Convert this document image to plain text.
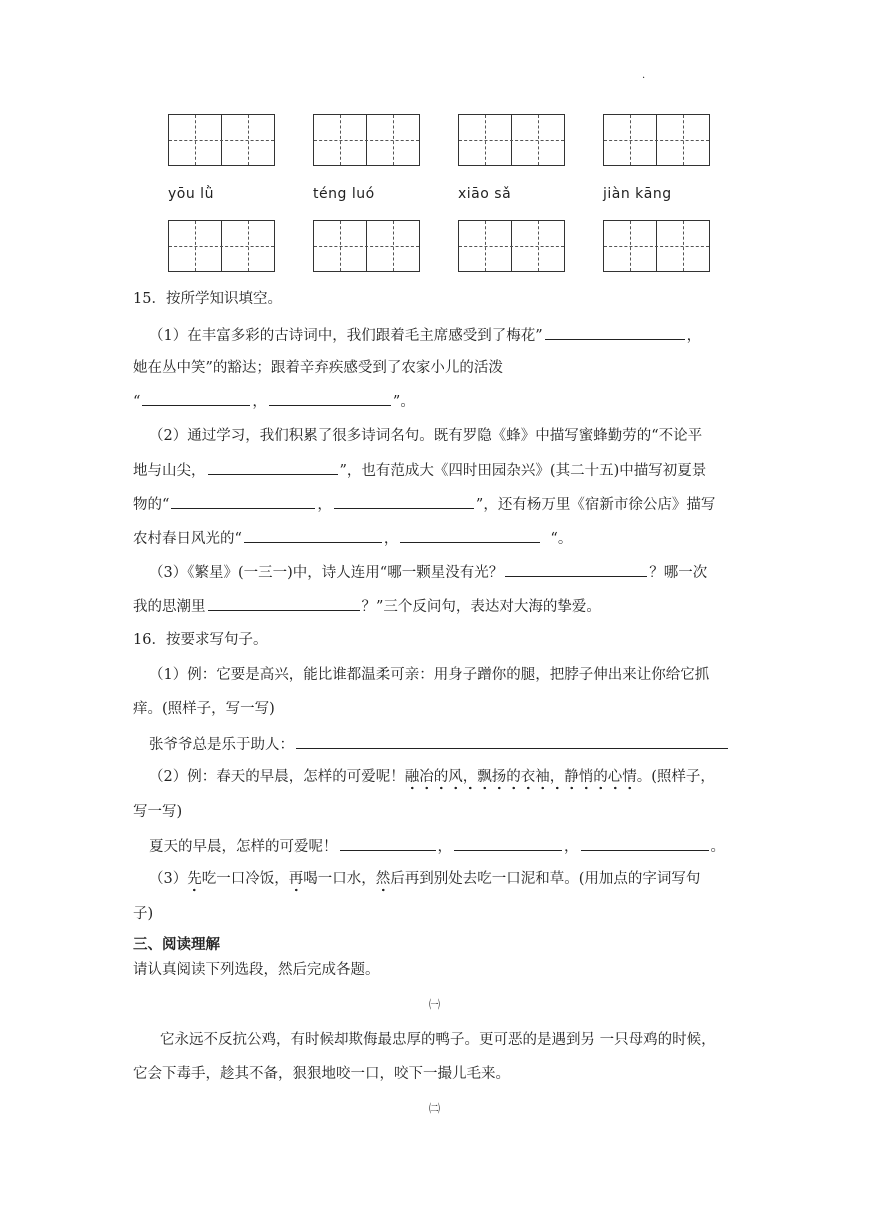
.
yōu lǜ	téng luó	xiāo sǎ	jiàn kāng
15．按所学知识填空。
（1）在丰富多彩的古诗词中，我们跟着毛主席感受到了梅花”	，
她在丛中笑”的豁达；跟着辛弃疾感受到了农家小儿的活泼
“	，	”。
（2）通过学习，我们积累了很多诗词名句。既有罗隐《蜂》中描写蜜蜂勤劳的“不论平
地与山尖，	”，也有范成大《四时田园杂兴》(其二十五)中描写初夏景
物的“	，	”，还有杨万里《宿新市徐公店》描写
农村春日风光的“	，	“。
（3）《繁星》(一三一)中，诗人连用“哪一颗星没有光？	？哪一次
我的思潮里	？”三个反问句，表达对大海的挚爱。
16．按要求写句子。
（1）例：它要是高兴，能比谁都温柔可亲：用身子蹭你的腿，把脖子伸出来让你给它抓
痒。(照样子，写一写)
张爷爷总是乐于助人：
（2）例：春天的早晨，怎样的可爱呢！融冶的风，飘扬的衣袖，静悄的心情。(照样子，
写一写)
夏天的早晨，怎样的可爱呢！	，	，	。
（3）先吃一口冷饭，再喝一口水，然后再到别处去吃一口泥和草。(用加点的字词写句
子)
三、阅读理解
请认真阅读下列选段，然后完成各题。
㈠
它永远不反抗公鸡，有时候却欺侮最忠厚的鸭子。更可恶的是遇到另 一只母鸡的时候，
它会下毒手，趁其不备，狠狠地咬一口，咬下一撮儿毛来。
㈡
